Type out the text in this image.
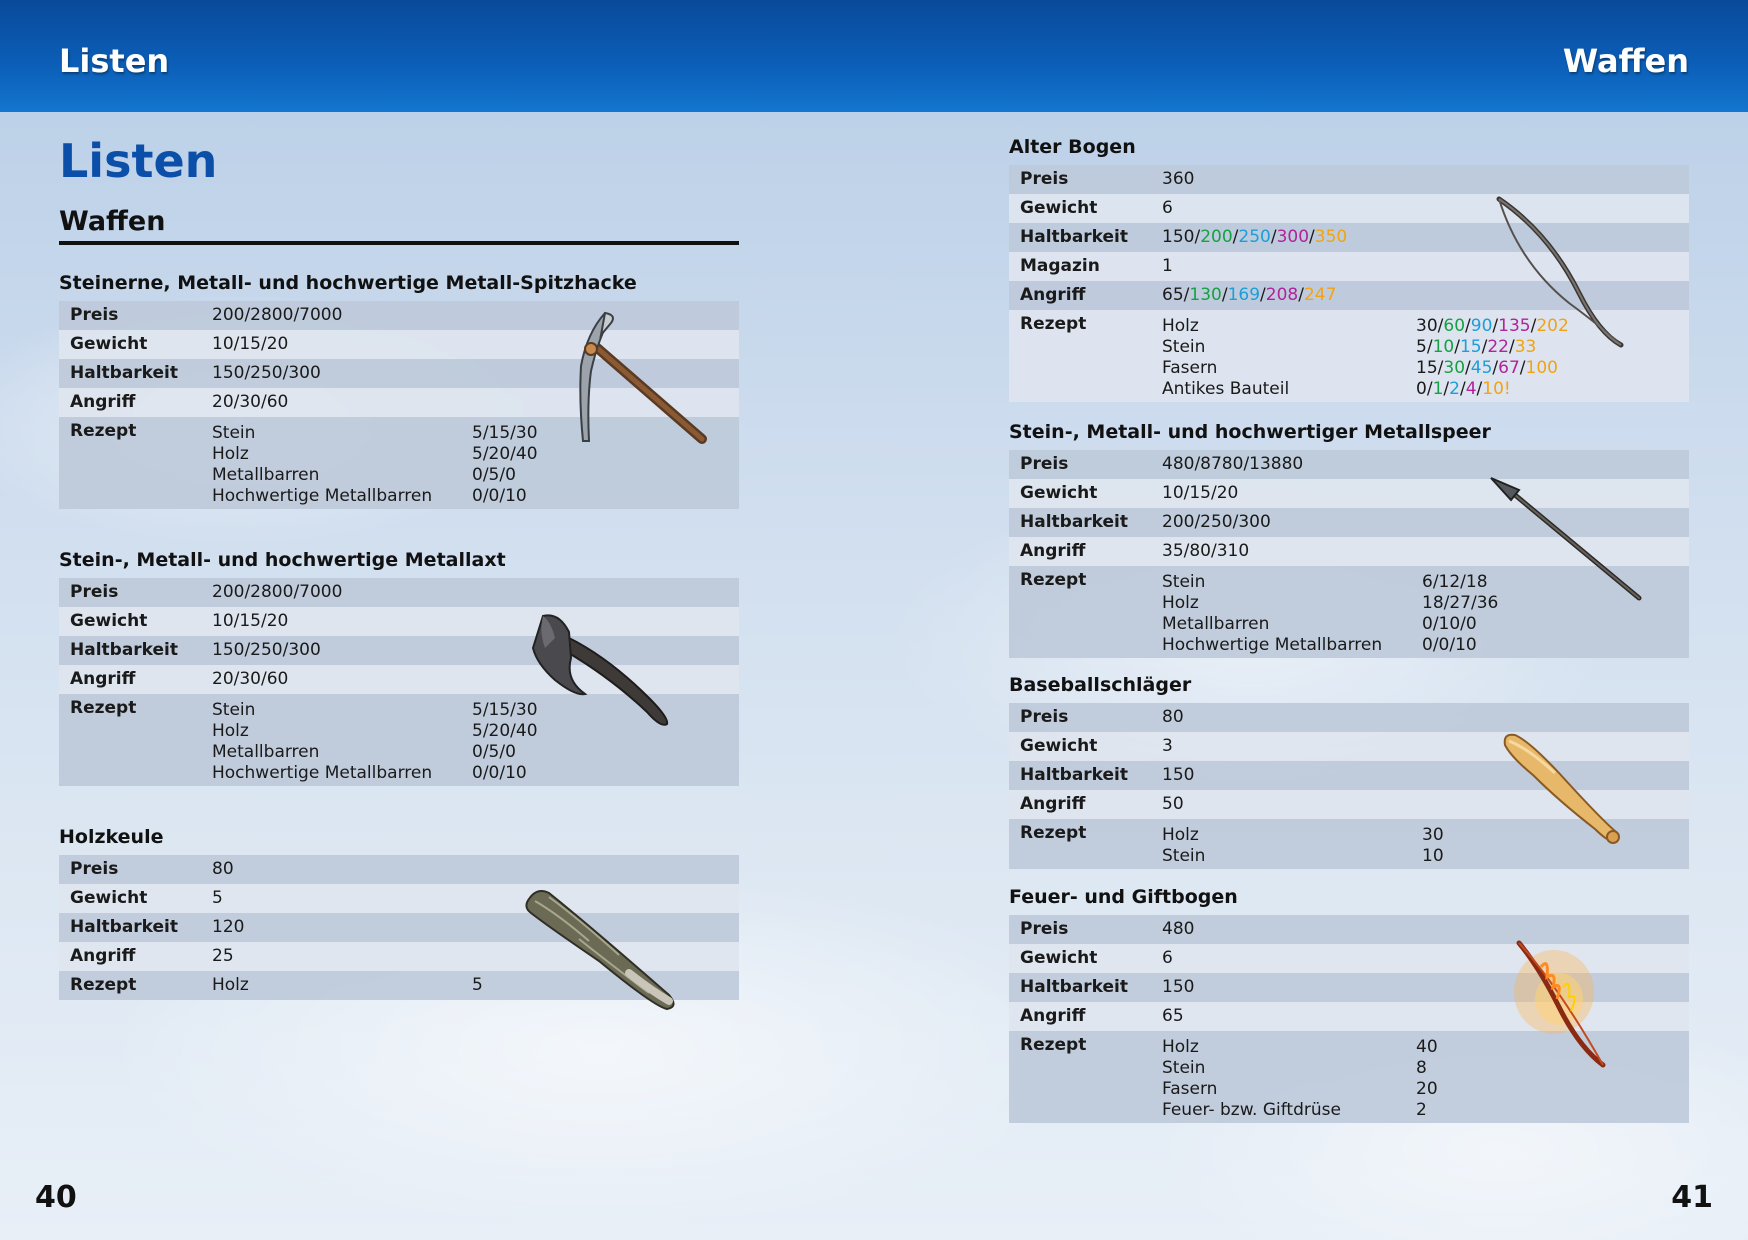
Listen	Waffen
Listen
Waffen
Steinerne, Metall- und hochwertige Metall-Spitzhacke
Preis	200/2800/7000
Gewicht	10/15/20
Haltbarkeit 150/250/300
Angriff	20/30/60
Rezept	Stein	5/15/30
Holz	5/20/40
Metallbarren	0/5/0
Hochwertige Metallbarren 0/0/10
Stein-, Metall- und hochwertige Metallaxt
Preis	200/2800/7000
Gewicht	10/15/20
Haltbarkeit 150/250/300
Angriff	20/30/60
Rezept	Stein	5/15/30
Holz	5/20/40
Metallbarren	0/5/0
Hochwertige Metallbarren 0/0/10
Holzkeule
Preis	80
Gewicht	5
Haltbarkeit 120
Angriff	25
Rezept	Holz	5
Alter Bogen
Preis	360
Gewicht	6
Haltbarkeit 150/200/250/300/350
Magazin	1
Angriff	65/130/169/208/247
Rezept	Holz	30/60/90/135/202
Stein	5/10/15/22/33
Fasern	15/30/45/67/100
Antikes Bauteil	0/1/2/4/10!
Stein-, Metall- und hochwertiger Metallspeer
Preis	480/8780/13880
Gewicht	10/15/20
Haltbarkeit 200/250/300
Angriff	35/80/310
Rezept	Stein	6/12/18
Holz	18/27/36
Metallbarren	0/10/0
Hochwertige Metallbarren 0/0/10
Baseballschläger
Preis	80
Gewicht	3
Haltbarkeit 150
Angriff	50
Rezept	Holz	30
Stein	10
Feuer- und Giftbogen
Preis	480
Gewicht	6
Haltbarkeit 150
Angriff	65
Rezept	Holz	40
Stein	8
Fasern	20
Feuer- bzw. Giftdrüse	2
40	41
